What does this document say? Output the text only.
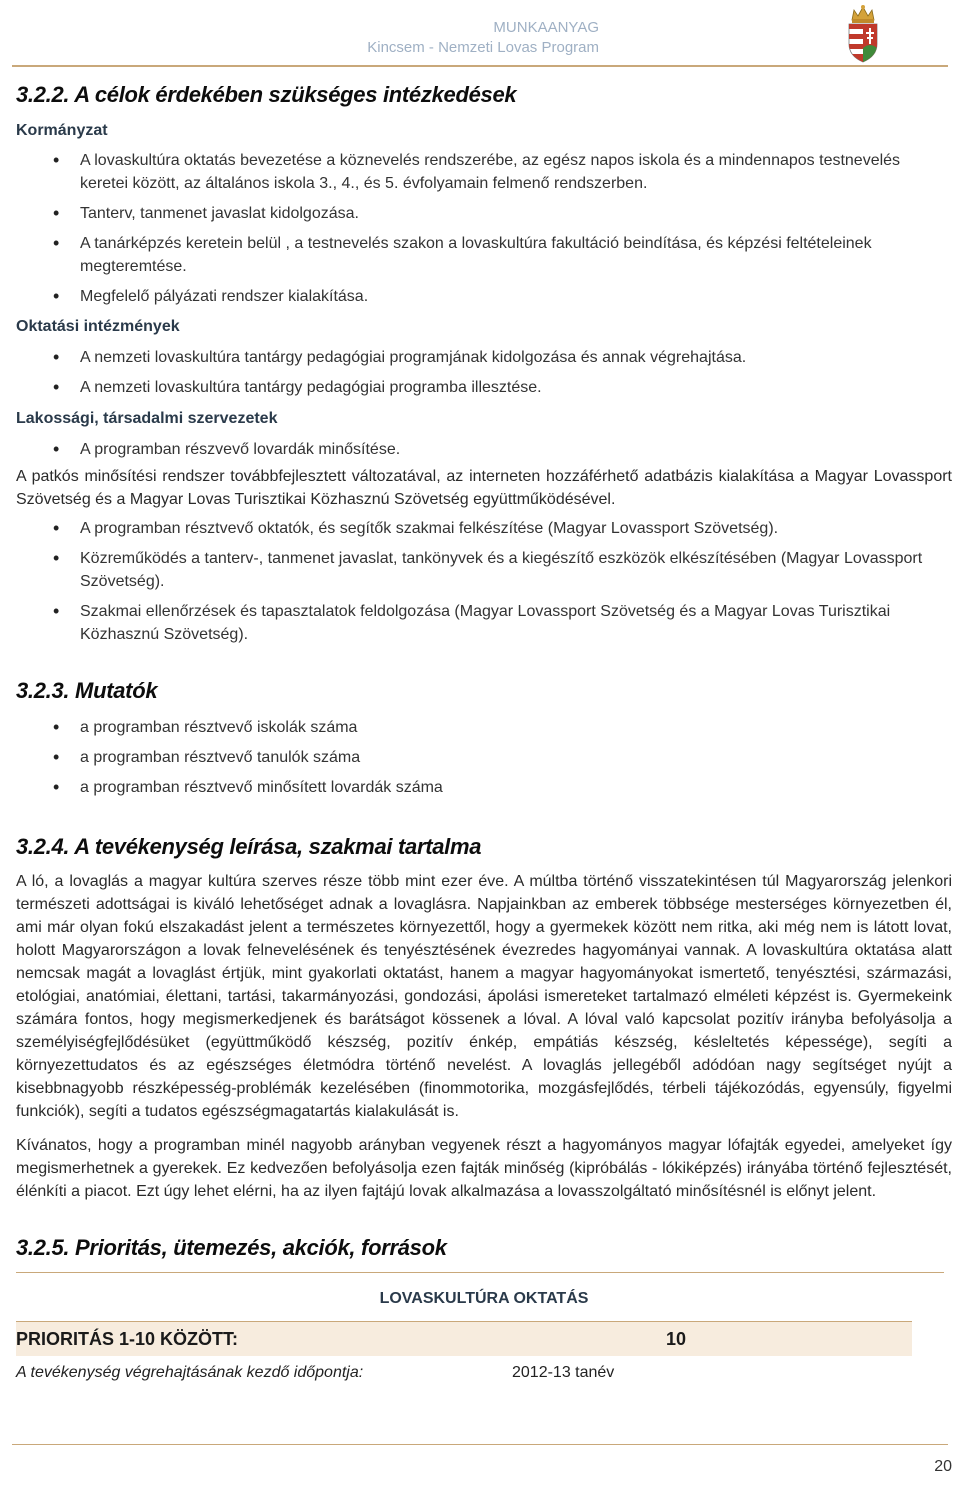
MUNKAANYAG
Kincsem - Nemzeti Lovas Program
3.2.2. A célok érdekében szükséges intézkedések
Kormányzat
• A lovaskultúra oktatás bevezetése a köznevelés rendszerébe, az egész napos iskola és a mindennapos testnevelés keretei között, az általános iskola 3., 4., és 5. évfolyamain felmenő rendszerben.
• Tanterv, tanmenet javaslat kidolgozása.
• A tanárképzés keretein belül , a testnevelés szakon a lovaskultúra fakultáció beindítása, és képzési feltételeinek megteremtése.
• Megfelelő pályázati rendszer kialakítása.
Oktatási intézmények
• A nemzeti lovaskultúra tantárgy pedagógiai programjának kidolgozása és annak végrehajtása.
• A nemzeti lovaskultúra tantárgy pedagógiai programba illesztése.
Lakossági, társadalmi szervezetek
• A programban részvevő lovardák minősítése.

A patkós minősítési rendszer továbbfejlesztett változatával, az interneten hozzáférhető adatbázis kialakítása a Magyar Lovassport Szövetség és a Magyar Lovas Turisztikai Közhasznú Szövetség együttműködésével.

• A programban résztvevő oktatók, és segítők szakmai felkészítése (Magyar Lovassport Szövetség).
• Közreműködés a tanterv-, tanmenet javaslat, tankönyvek és a kiegészítő eszközök elkészítésében (Magyar Lovassport Szövetség).
• Szakmai ellenőrzések és tapasztalatok feldolgozása (Magyar Lovassport Szövetség és a Magyar Lovas Turisztikai Közhasznú Szövetség).
3.2.3. Mutatók
• a programban résztvevő iskolák száma
• a programban résztvevő tanulók száma
• a programban résztvevő minősített lovardák száma
3.2.4. A tevékenység leírása, szakmai tartalma

A ló, a lovaglás a magyar kultúra szerves része több mint ezer éve. A múltba történő visszatekintésen túl Magyarország jelenkori természeti adottságai is kiváló lehetőséget adnak a lovaglásra. Napjainkban az emberek többsége mesterséges környezetben él, ami már olyan fokú elszakadást jelent a természetes környezettől, hogy a gyermekek között nem ritka, aki még nem is látott lovat, holott Magyarországon a lovak felnevelésének és tenyésztésének évezredes hagyományai vannak. A lovaskultúra oktatása alatt nemcsak magát a lovaglást értjük, mint gyakorlati oktatást, hanem a magyar hagyományokat ismertető, tenyésztési, származási, etológiai, anatómiai, élettani, tartási, takarmányozási, gondozási, ápolási ismereteket tartalmazó elméleti képzést is. Gyermekeink számára fontos, hogy megismerkedjenek és barátságot kössenek a lóval. A lóval való kapcsolat pozitív irányba befolyásolja a személyiségfejlődésüket (együttműködő készség, pozitív énkép, empátiás készség, késleltetés képessége), segíti a környezettudatos és az egészséges életmódra történő nevelést. A lovaglás jellegéből adódóan nagy segítséget nyújt a kisebbnagyobb részképesség-problémák kezelésében (finommotorika, mozgásfejlődés, térbeli tájékozódás, egyensúly, figyelmi funkciók), segíti a tudatos egészségmagatartás kialakulását is.

Kívánatos, hogy a programban minél nagyobb arányban vegyenek részt a hagyományos magyar lófajták egyedei, amelyeket így megismerhetnek a gyerekek. Ez kedvezően befolyásolja ezen fajták minőség (kipróbálás - lókiképzés) irányába történő fejlesztését, élénkíti a piacot. Ezt úgy lehet elérni, ha az ilyen fajtájú lovak alkalmazása a lovasszolgáltató minősítésnél is előnyt jelent.

3.2.5. Prioritás, ütemezés, akciók, források
LOVASKULTÚRA OKTATÁS
PRIORITÁS 1-10 KÖZÖTT:	10
A tevékenység végrehajtásának kezdő időpontja:	2012-13 tanév
20
